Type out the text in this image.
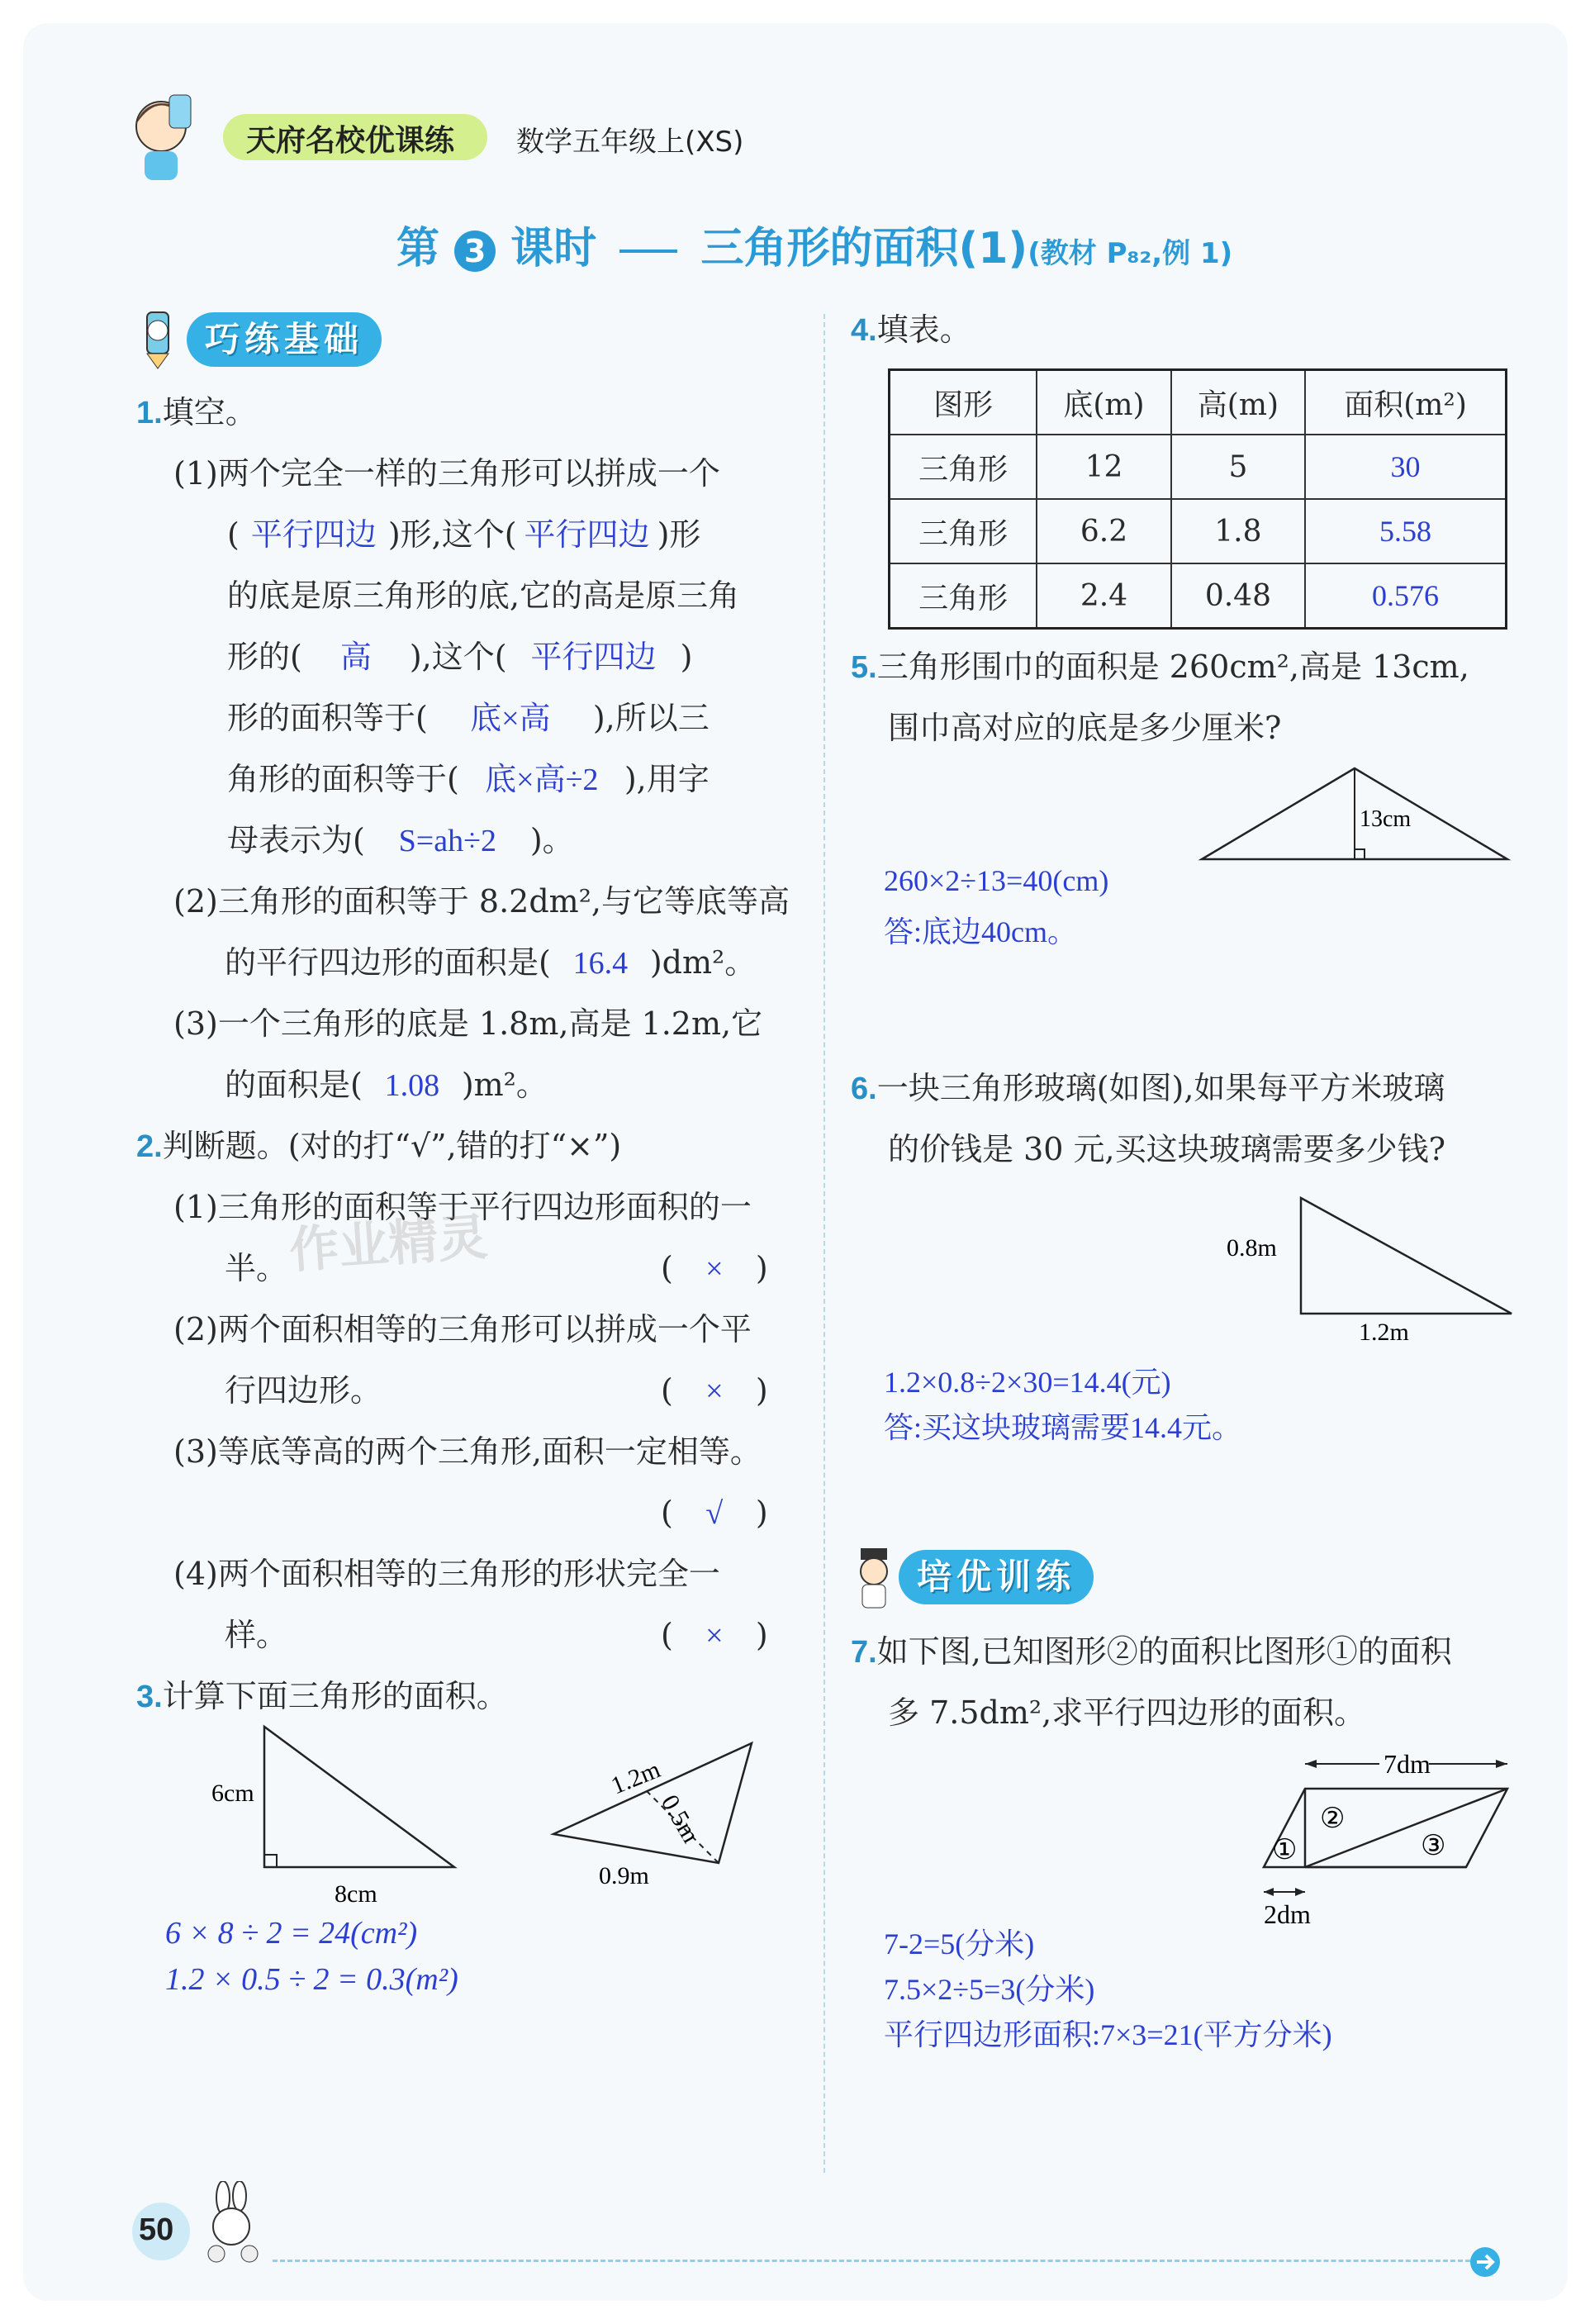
天府名校优课练 数学五年级上(XS)
第 3 课时 三角形的面积(1)(教材 P₈₂,例 1)
巧练基础
1.填空。
(1)两个完全一样的三角形可以拼成一个
( 平行四边 )形,这个( 平行四边 )形
的底是原三角形的底,它的高是原三角
形的( 高 ),这个( 平行四边 )
形的面积等于( 底×高 ),所以三
角形的面积等于( 底×高÷2 ),用字
母表示为( S=ah÷2 )。
(2)三角形的面积等于 8.2dm²,与它等底等高
的平行四边形的面积是( 16.4 )dm²。
(3)一个三角形的底是 1.8m,高是 1.2m,它
的面积是( 1.08 )m²。
2.判断题。(对的打“√”,错的打“×”)
(1)三角形的面积等于平行四边形面积的一
半。	( × )
(2)两个面积相等的三角形可以拼成一个平
行四边形。	( × )
(3)等底等高的两个三角形,面积一定相等。
( √ )
(4)两个面积相等的三角形的形状完全一
样。	( × )
作业精灵
3.计算下面三角形的面积。
6cm
8cm
1.2m
0.5m
0.9m
6 × 8 ÷ 2 = 24(cm²)
1.2 × 0.5 ÷ 2 = 0.3(m²)
4.填表。
图形	底(m)	高(m)	面积(m²)
三角形	12	5	30
三角形	6.2	1.8	5.58
三角形	2.4	0.48	0.576
5.三角形围巾的面积是 260cm²,高是 13cm,
围巾高对应的底是多少厘米?
13cm
260×2÷13=40(cm)
答:底边40cm。
6.一块三角形玻璃(如图),如果每平方米玻璃
的价钱是 30 元,买这块玻璃需要多少钱?
0.8m
1.2m
1.2×0.8÷2×30=14.4(元)
答:买这块玻璃需要14.4元。
培优训练
7.如下图,已知图形②的面积比图形①的面积
多 7.5dm²,求平行四边形的面积。
7dm
2dm
①
②
③
7-2=5(分米)
7.5×2÷5=3(分米)
平行四边形面积:7×3=21(平方分米)
50
